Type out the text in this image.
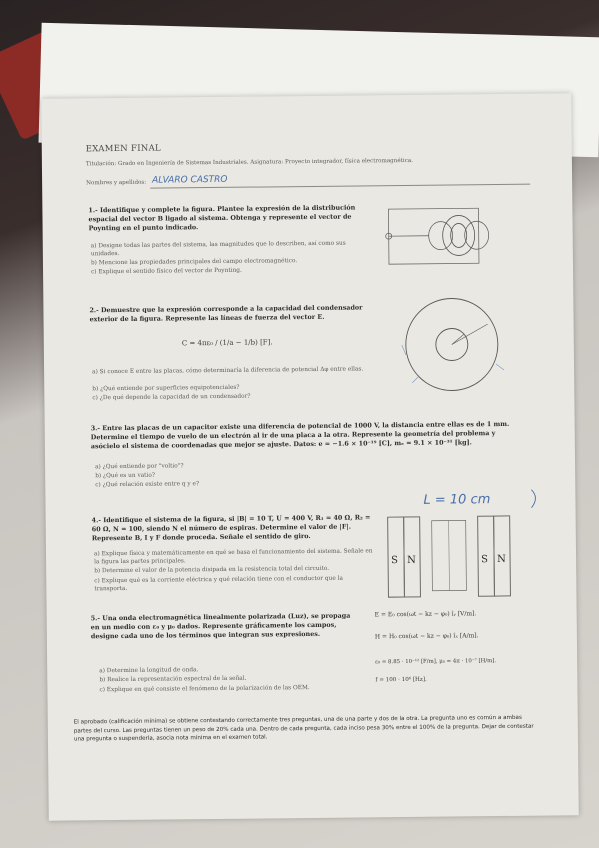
EXAMEN FINAL
Titulación: Grado en Ingeniería de Sistemas Industriales. Asignatura: Proyecto integrador, física electromagnética.
Nombres y apellidos: ALVARO CASTRO
1.- Identifique y complete la figura. Plantee la expresión de la distribución espacial del vector B ligado al sistema. Obtenga y represente el vector de Poynting en el punto indicado.
a) Designe todas las partes del sistema, las magnitudes que lo describen, así como sus unidades.
b) Mencione las propiedades principales del campo electromagnético.
c) Explique el sentido físico del vector de Poynting.
2.- Demuestre que la expresión corresponde a la capacidad del condensador exterior de la figura. Represente las líneas de fuerza del vector E.
C = 4πε₀ / (1/a − 1/b) [F].
a) Si conoce E entre las placas, cómo determinaría la diferencia de potencial Δφ entre ellas.
b) ¿Qué entiende por superficies equipotenciales?
c) ¿De qué depende la capacidad de un condensador?
3.- Entre las placas de un capacitor existe una diferencia de potencial de 1000 V, la distancia entre ellas es de 1 mm. Determine el tiempo de vuelo de un electrón al ir de una placa a la otra. Represente la geometría del problema y asócielo el sistema de coordenadas que mejor se ajuste. Datos: e = −1.6 × 10⁻¹⁹ [C], mₑ = 9.1 × 10⁻³¹ [kg].
a) ¿Qué entiende por "voltio"?
b) ¿Qué es un vatio?
c) ¿Qué relación existe entre q y e?
4.- Identifique el sistema de la figura, si |B| = 10 T, U = 400 V, R₁ = 40 Ω, R₂ = 60 Ω, N = 100, siendo N el número de espiras. Determine el valor de |F|. Represente B, I y F donde proceda. Señale el sentido de giro.
L = 10 cm
S N	S N
a) Explique física y matemáticamente en qué se basa el funcionamiento del sistema. Señale en la figura las partes principales.
b) Determine el valor de la potencia disipada en la resistencia total del circuito.
c) Explique qué es la corriente eléctrica y qué relación tiene con el conductor que la transporta.
5.- Una onda electromagnética linealmente polarizada (Luz), se propaga en un medio con ε₀ y μ₀ dados. Represente gráficamente los campos, designe cada uno de los términos que integran sus expresiones.
E = E₀ cos(ωt − kz − φ₀) îᵧ [V/m].
H = H₀ cos(ωt − kz − φ₀) îₓ [A/m].
ε₀ = 8.85 · 10⁻¹² [F/m], μ₀ = 4π · 10⁻⁷ [H/m].
f = 100 · 10⁶ [Hz].
a) Determine la longitud de onda.
b) Realice la representación espectral de la señal.
c) Explique en qué consiste el fenómeno de la polarización de las OEM.
El aprobado (calificación mínima) se obtiene contestando correctamente tres preguntas, una de una parte y dos de la otra. La pregunta uno es común a ambas partes del curso. Las preguntas tienen un peso de 20% cada una. Dentro de cada pregunta, cada inciso pesa 30% entre el 100% de la pregunta. Dejar de contestar una pregunta o suspenderla, asocia nota mínima en el examen total.
